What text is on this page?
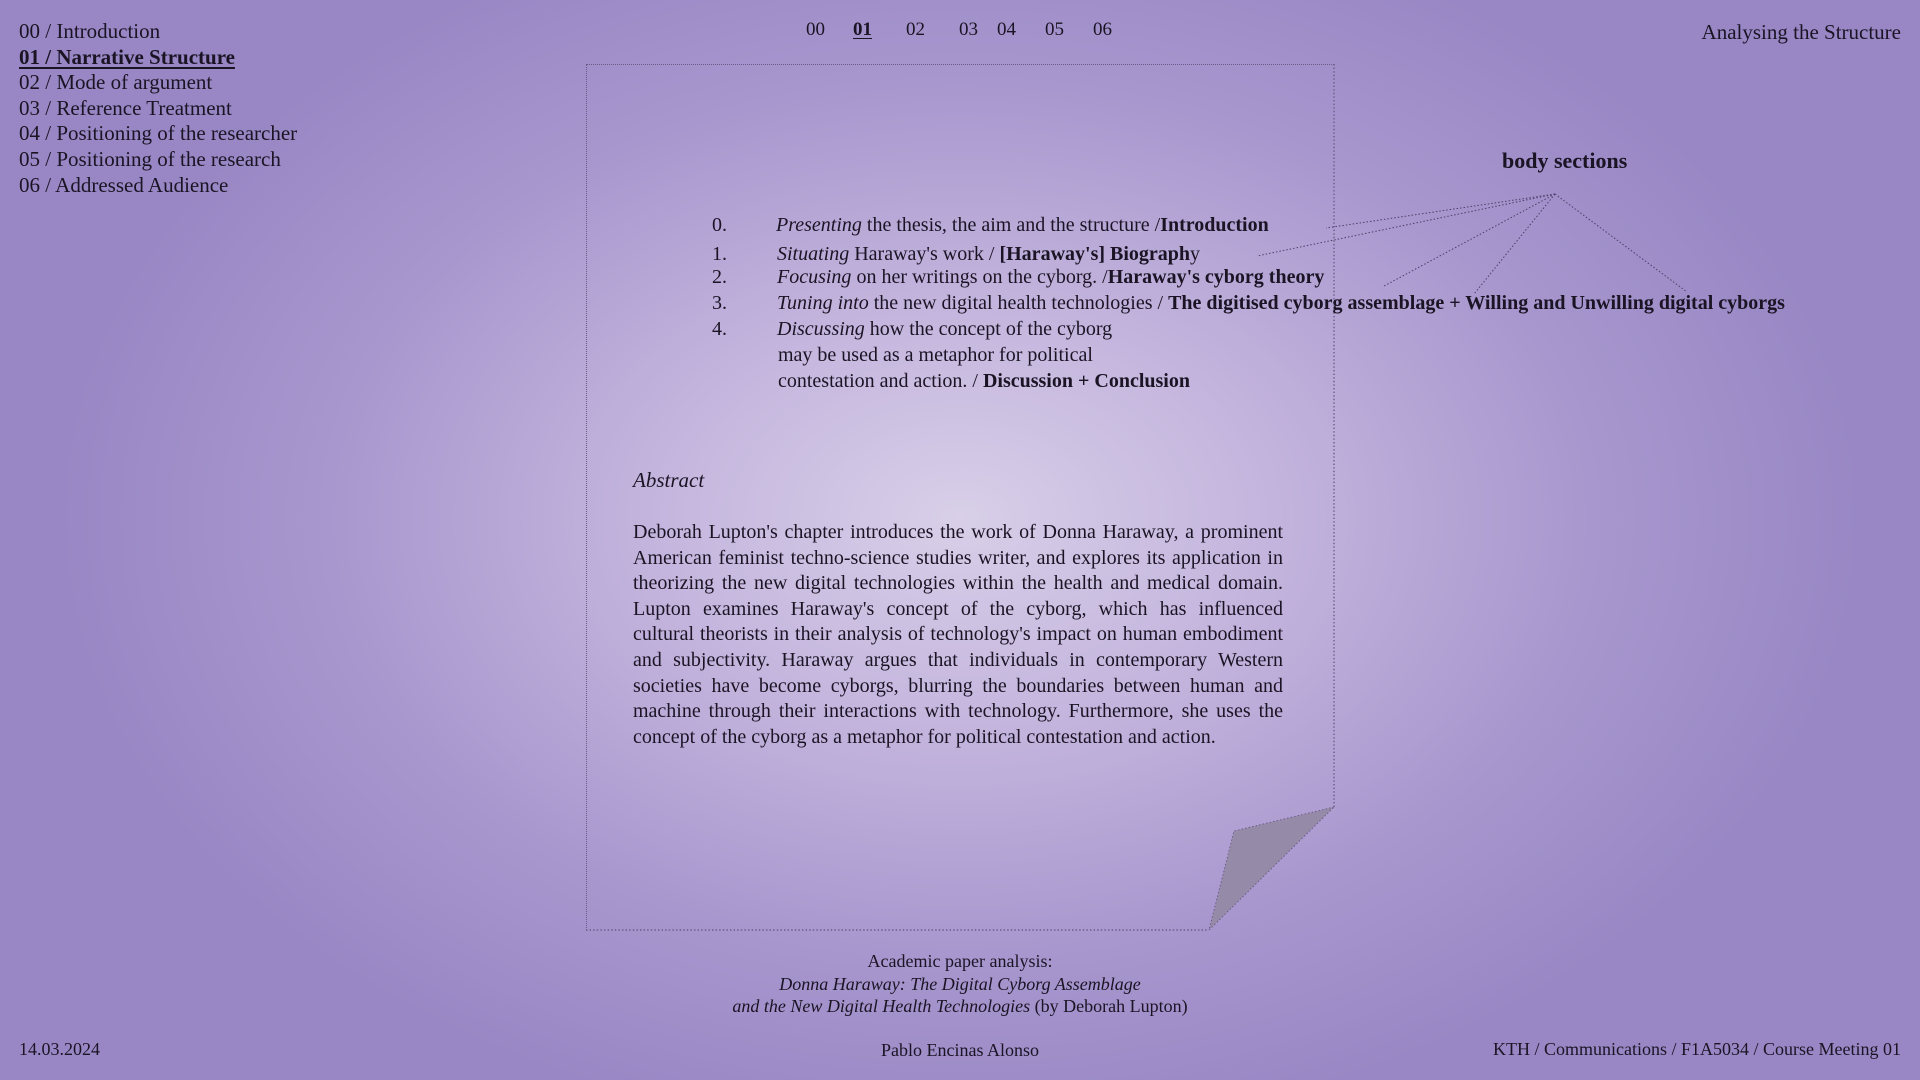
00 / Introduction
01 / Narrative Structure
02 / Mode of argument
03 / Reference Treatment
04 / Positioning of the researcher
05 / Positioning of the research
06 / Addressed Audience
00 01 02 03 04 05 06	Analysing the Structure
body sections
0. Presenting the thesis, the aim and the structure /Introduction
1.	Situating Haraway's work / [Haraway's] Biography
2.	Focusing on her writings on the cyborg. /Haraway's cyborg theory
3.	Tuning into the new digital health technologies / The digitised cyborg assemblage + Willing and Unwilling digital cyborgs
4.	Discussing how the concept of the cyborg
may be used as a metaphor for political
contestation and action. / Discussion + Conclusion
Abstract
Deborah Lupton's chapter introduces the work of Donna Haraway, a prominent American feminist techno-science studies writer, and explores its application in theorizing the new digital technologies within the health and medical domain. Lupton examines Haraway's concept of the cyborg, which has influenced cultural theorists in their analysis of technology's impact on human embodiment and subjectivity. Haraway argues that individuals in contemporary Western societies have become cyborgs, blurring the boundaries between human and machine through their interactions with technology. Furthermore, she uses the concept of the cyborg as a metaphor for political contestation and action.
Academic paper analysis:
Donna Haraway: The Digital Cyborg Assemblage
and the New Digital Health Technologies (by Deborah Lupton)
14.03.2024	Pablo Encinas Alonso	KTH / Communications / F1A5034 / Course Meeting 01
